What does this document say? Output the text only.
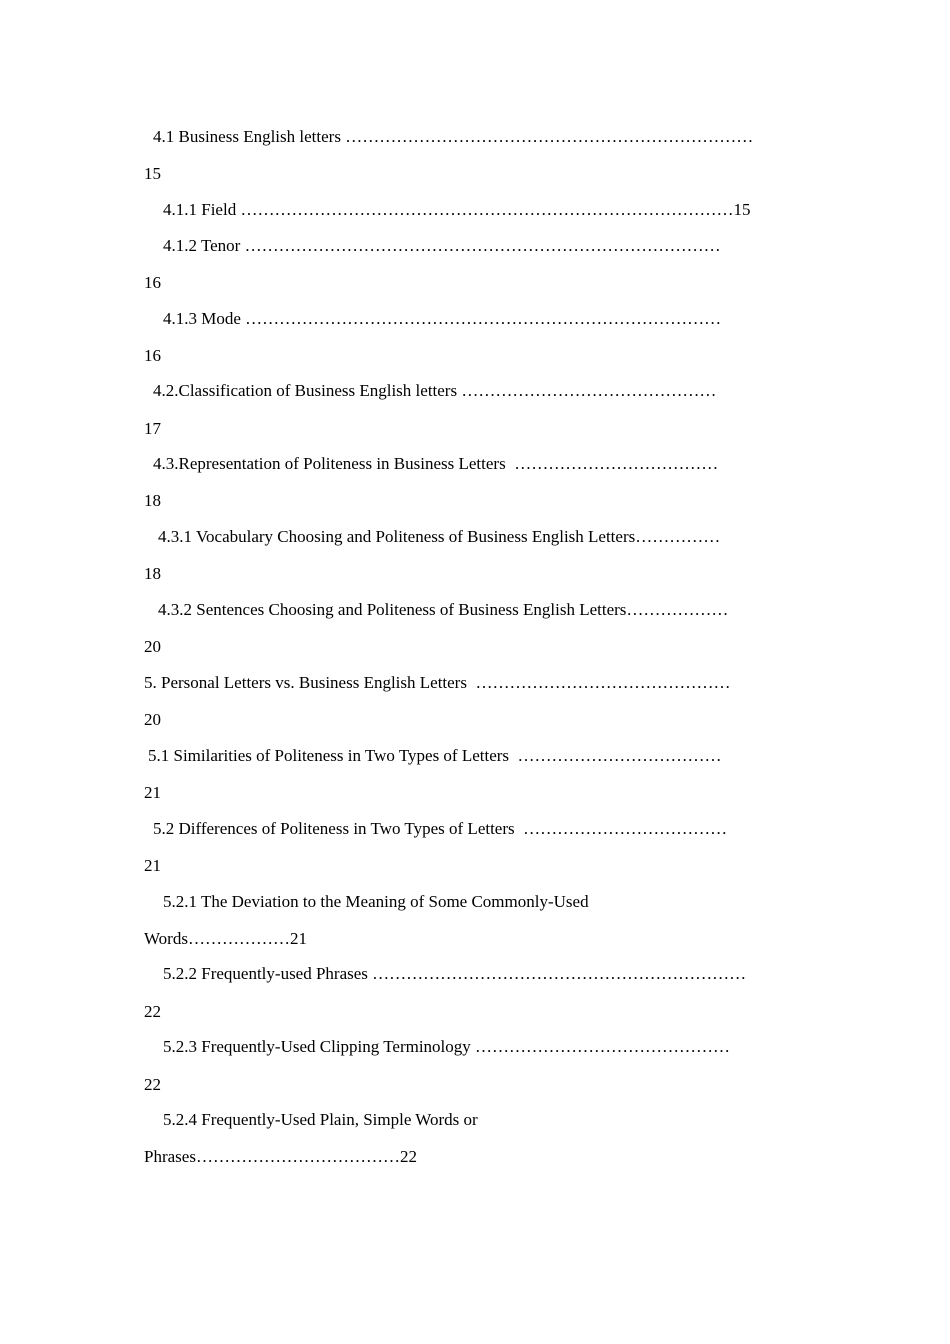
4.1 Business English letters ………………………………………………………………
15
4.1.1 Field ……………………………………………………………………………15
4.1.2 Tenor …………………………………………………………………………
16
4.1.3 Mode …………………………………………………………………………
16
4.2.Classification of Business English letters ………………………………………
17
4.3.Representation of Politeness in Business Letters  ………………………………
18
4.3.1 Vocabulary Choosing and Politeness of Business English Letters……………
18
4.3.2 Sentences Choosing and Politeness of Business English Letters………………
20
5. Personal Letters vs. Business English Letters  ………………………………………
20
5.1 Similarities of Politeness in Two Types of Letters  ………………………………
21
5.2 Differences of Politeness in Two Types of Letters  ………………………………
21
5.2.1 The Deviation to the Meaning of Some Commonly-Used
Words………………21
5.2.2 Frequently-used Phrases …………………………………………………………
22
5.2.3 Frequently-Used Clipping Terminology ………………………………………
22
5.2.4 Frequently-Used Plain, Simple Words or
Phrases………………………………22
